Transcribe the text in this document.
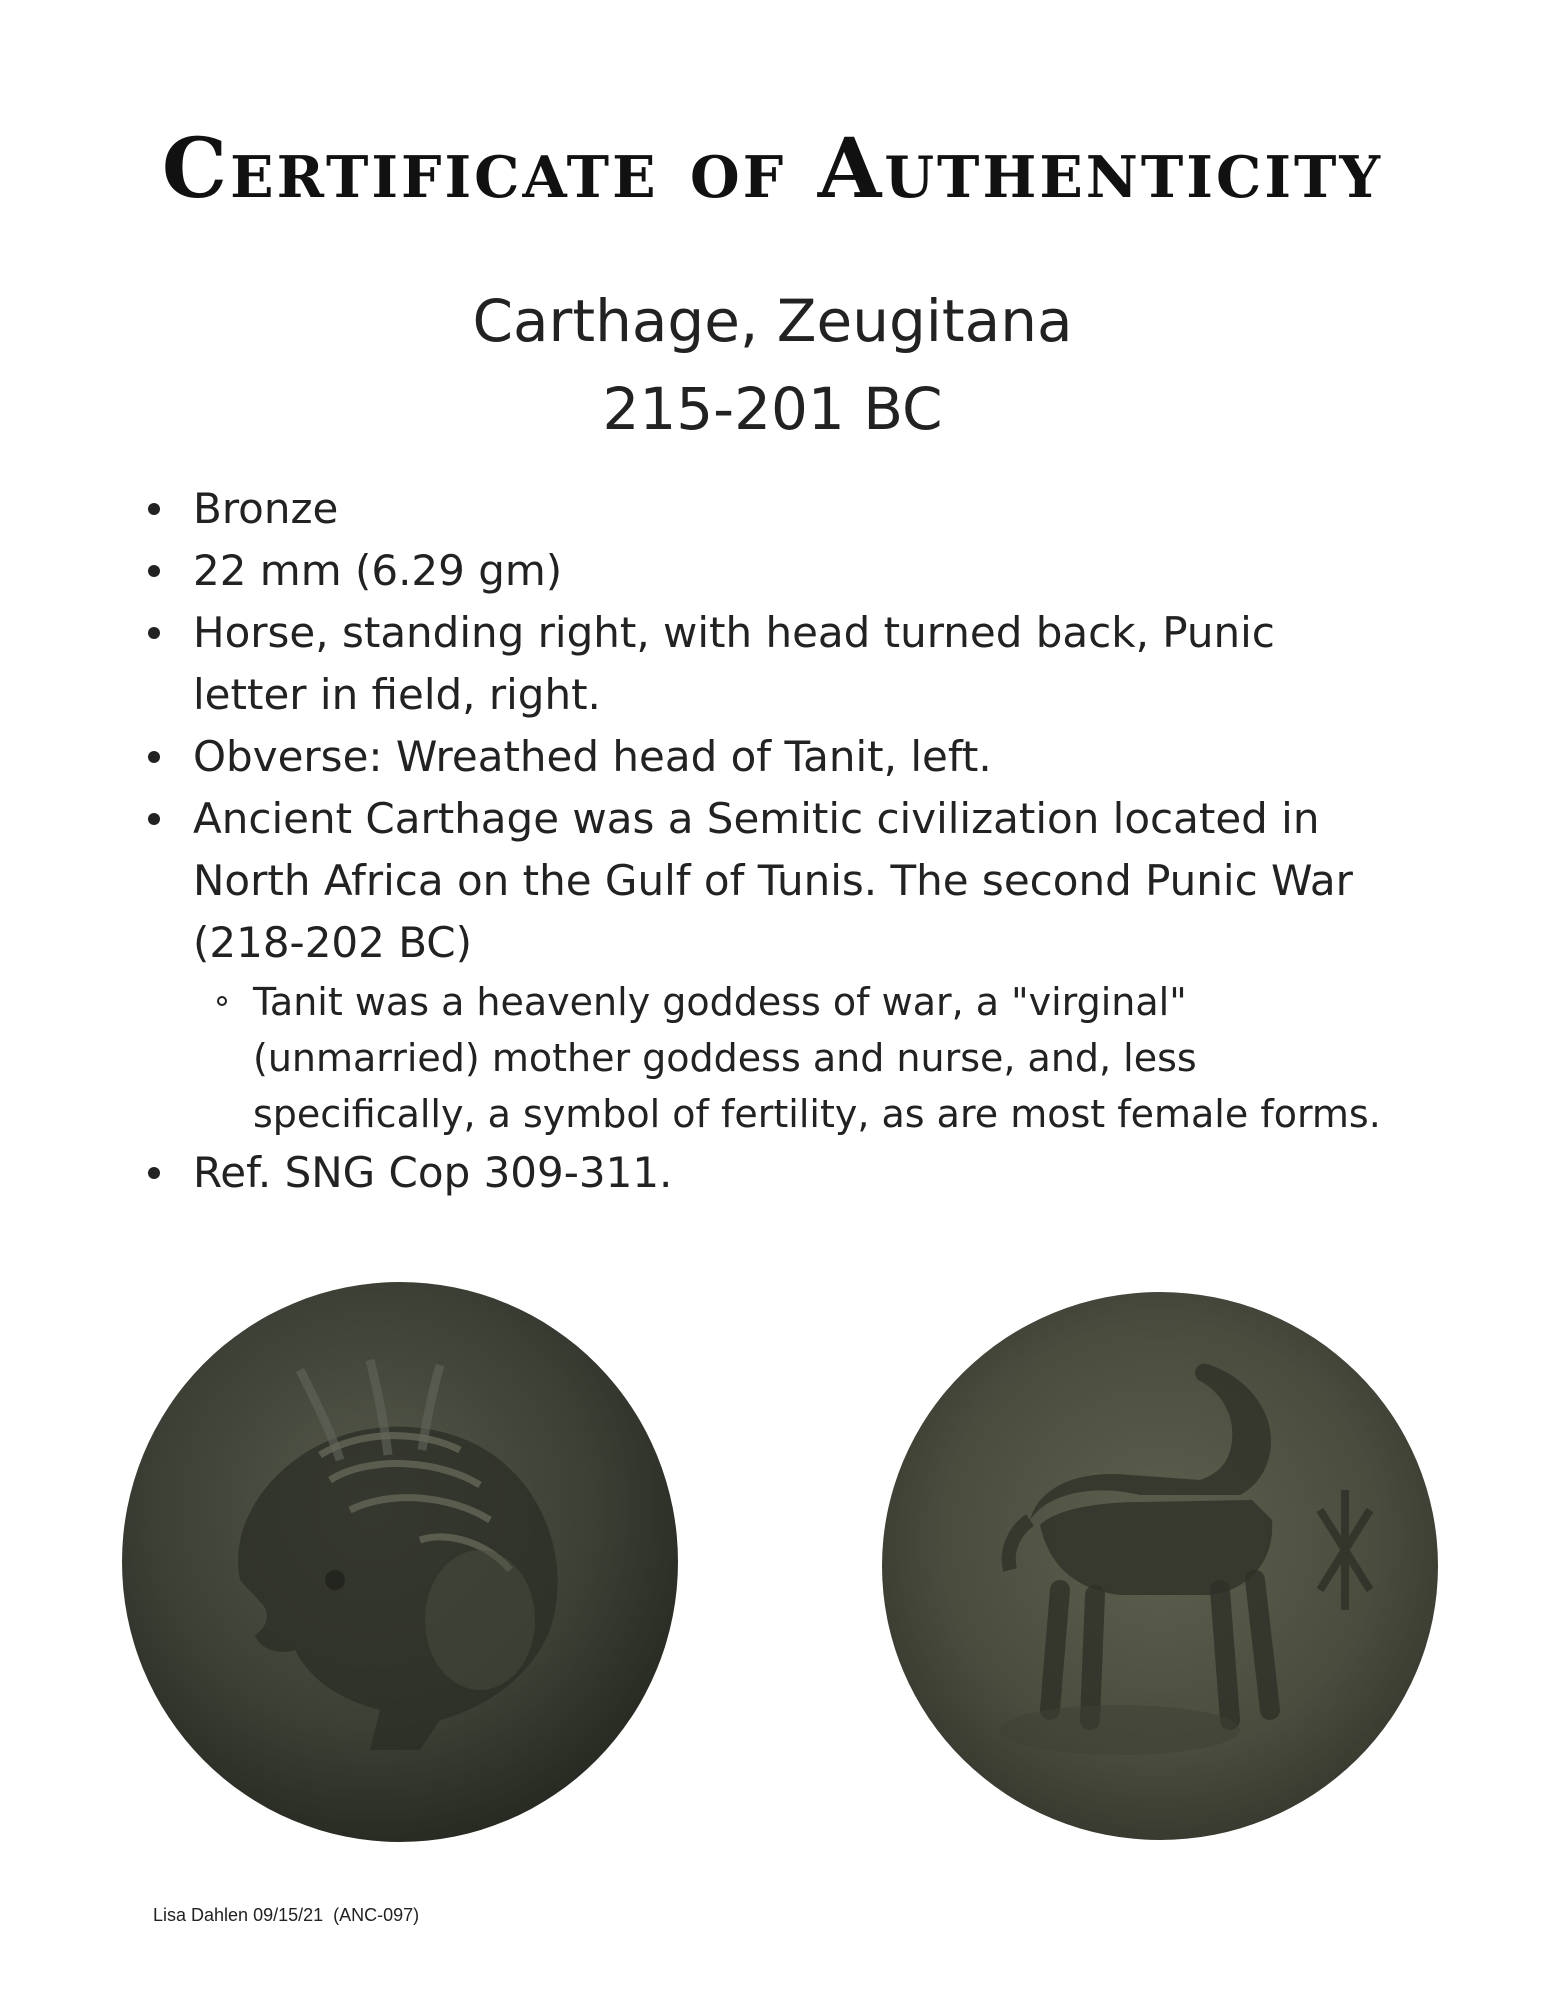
Certificate of Authenticity
Carthage, Zeugitana
215-201 BC
Bronze
22 mm (6.29 gm)
Horse, standing right, with head turned back, Punic letter in field, right.
Obverse: Wreathed head of Tanit, left.
Ancient Carthage was a Semitic civilization located in North Africa on the Gulf of Tunis. The second Punic War (218-202 BC)
Tanit was a heavenly goddess of war, a "virginal" (unmarried) mother goddess and nurse, and, less specifically, a symbol of fertility, as are most female forms.
Ref. SNG Cop 309-311.
Lisa Dahlen 09/15/21  (ANC-097)
